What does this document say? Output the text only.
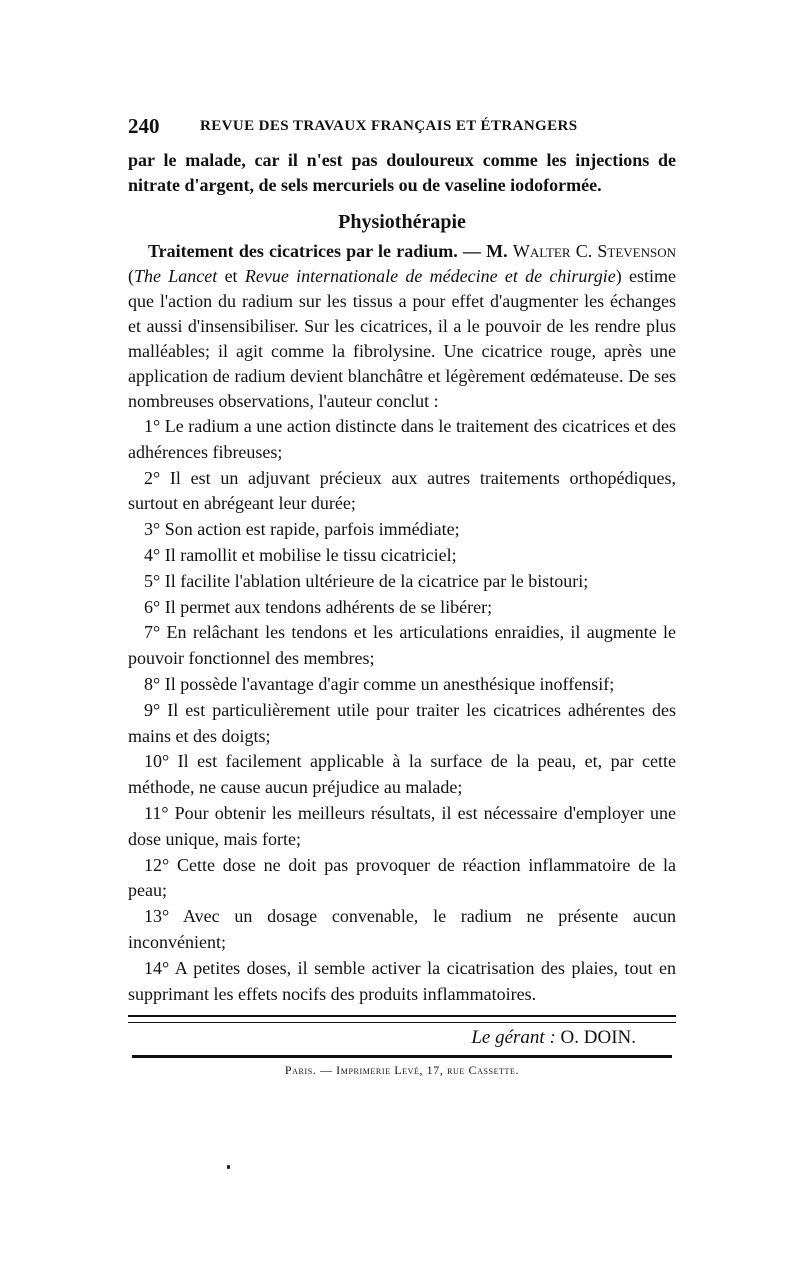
240	REVUE DES TRAVAUX FRANÇAIS ET ÉTRANGERS

par le malade, car il n'est pas douloureux comme les injections de nitrate d'argent, de sels mercuriels ou de vaseline iodoformée.

Physiothérapie

Traitement des cicatrices par le radium. — M. Walter C. Stevenson (The Lancet et Revue internationale de médecine et de chirurgie) estime que l'action du radium sur les tissus a pour effet d'augmenter les échanges et aussi d'insensibiliser. Sur les cicatrices, il a le pouvoir de les rendre plus malléables; il agit comme la fibrolysine. Une cicatrice rouge, après une application de radium devient blanchâtre et légèrement œdémateuse. De ses nombreuses observations, l'auteur conclut :

1° Le radium a une action distincte dans le traitement des cicatrices et des adhérences fibreuses;

2° Il est un adjuvant précieux aux autres traitements orthopédiques, surtout en abrégeant leur durée;

3° Son action est rapide, parfois immédiate;

4° Il ramollit et mobilise le tissu cicatriciel;

5° Il facilite l'ablation ultérieure de la cicatrice par le bistouri;

6° Il permet aux tendons adhérents de se libérer;

7° En relâchant les tendons et les articulations enraidies, il augmente le pouvoir fonctionnel des membres;

8° Il possède l'avantage d'agir comme un anesthésique inoffensif;

9° Il est particulièrement utile pour traiter les cicatrices adhérentes des mains et des doigts;

10° Il est facilement applicable à la surface de la peau, et, par cette méthode, ne cause aucun préjudice au malade;

11° Pour obtenir les meilleurs résultats, il est nécessaire d'employer une dose unique, mais forte;

12° Cette dose ne doit pas provoquer de réaction inflammatoire de la peau;

13° Avec un dosage convenable, le radium ne présente aucun inconvénient;

14° A petites doses, il semble activer la cicatrisation des plaies, tout en supprimant les effets nocifs des produits inflammatoires.

Le gérant : O. DOIN.
Paris. — Imprimerie Levé, 17, rue Cassette.
